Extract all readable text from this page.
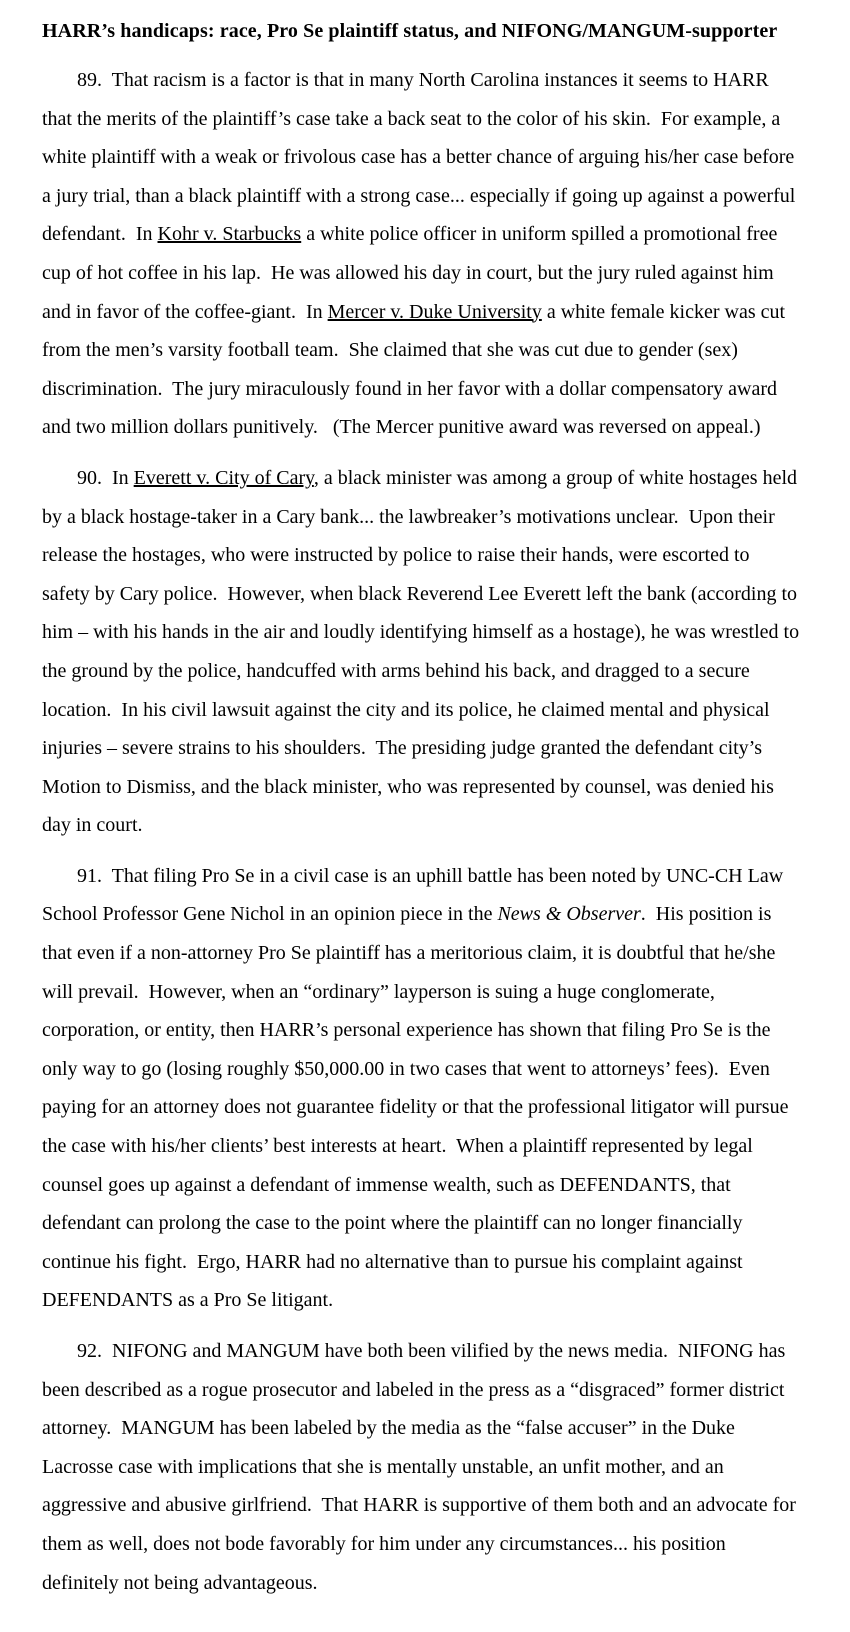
HARR’s handicaps: race, Pro Se plaintiff status, and NIFONG/MANGUM-supporter

89.  That racism is a factor is that in many North Carolina instances it seems to HARR that the merits of the plaintiff’s case take a back seat to the color of his skin.  For example, a white plaintiff with a weak or frivolous case has a better chance of arguing his/her case before a jury trial, than a black plaintiff with a strong case... especially if going up against a powerful defendant.  In Kohr v. Starbucks a white police officer in uniform spilled a promotional free cup of hot coffee in his lap.  He was allowed his day in court, but the jury ruled against him and in favor of the coffee-giant.  In Mercer v. Duke University a white female kicker was cut from the men’s varsity football team.  She claimed that she was cut due to gender (sex) discrimination.  The jury miraculously found in her favor with a dollar compensatory award and two million dollars punitively.   (The Mercer punitive award was reversed on appeal.)

90.  In Everett v. City of Cary, a black minister was among a group of white hostages held by a black hostage-taker in a Cary bank... the lawbreaker’s motivations unclear.  Upon their release the hostages, who were instructed by police to raise their hands, were escorted to safety by Cary police.  However, when black Reverend Lee Everett left the bank (according to him – with his hands in the air and loudly identifying himself as a hostage), he was wrestled to the ground by the police, handcuffed with arms behind his back, and dragged to a secure location.  In his civil lawsuit against the city and its police, he claimed mental and physical injuries – severe strains to his shoulders.  The presiding judge granted the defendant city’s Motion to Dismiss, and the black minister, who was represented by counsel, was denied his day in court.

91.  That filing Pro Se in a civil case is an uphill battle has been noted by UNC-CH Law School Professor Gene Nichol in an opinion piece in the News & Observer.  His position is that even if a non-attorney Pro Se plaintiff has a meritorious claim, it is doubtful that he/she will prevail.  However, when an “ordinary” layperson is suing a huge conglomerate, corporation, or entity, then HARR’s personal experience has shown that filing Pro Se is the only way to go (losing roughly $50,000.00 in two cases that went to attorneys’ fees).  Even paying for an attorney does not guarantee fidelity or that the professional litigator will pursue the case with his/her clients’ best interests at heart.  When a plaintiff represented by legal counsel goes up against a defendant of immense wealth, such as DEFENDANTS, that defendant can prolong the case to the point where the plaintiff can no longer financially continue his fight.  Ergo, HARR had no alternative than to pursue his complaint against DEFENDANTS as a Pro Se litigant.

92.  NIFONG and MANGUM have both been vilified by the news media.  NIFONG has been described as a rogue prosecutor and labeled in the press as a “disgraced” former district attorney.  MANGUM has been labeled by the media as the “false accuser” in the Duke Lacrosse case with implications that she is mentally unstable, an unfit mother, and an aggressive and abusive girlfriend.  That HARR is supportive of them both and an advocate for them as well, does not bode favorably for him under any circumstances... his position definitely not being advantageous.
